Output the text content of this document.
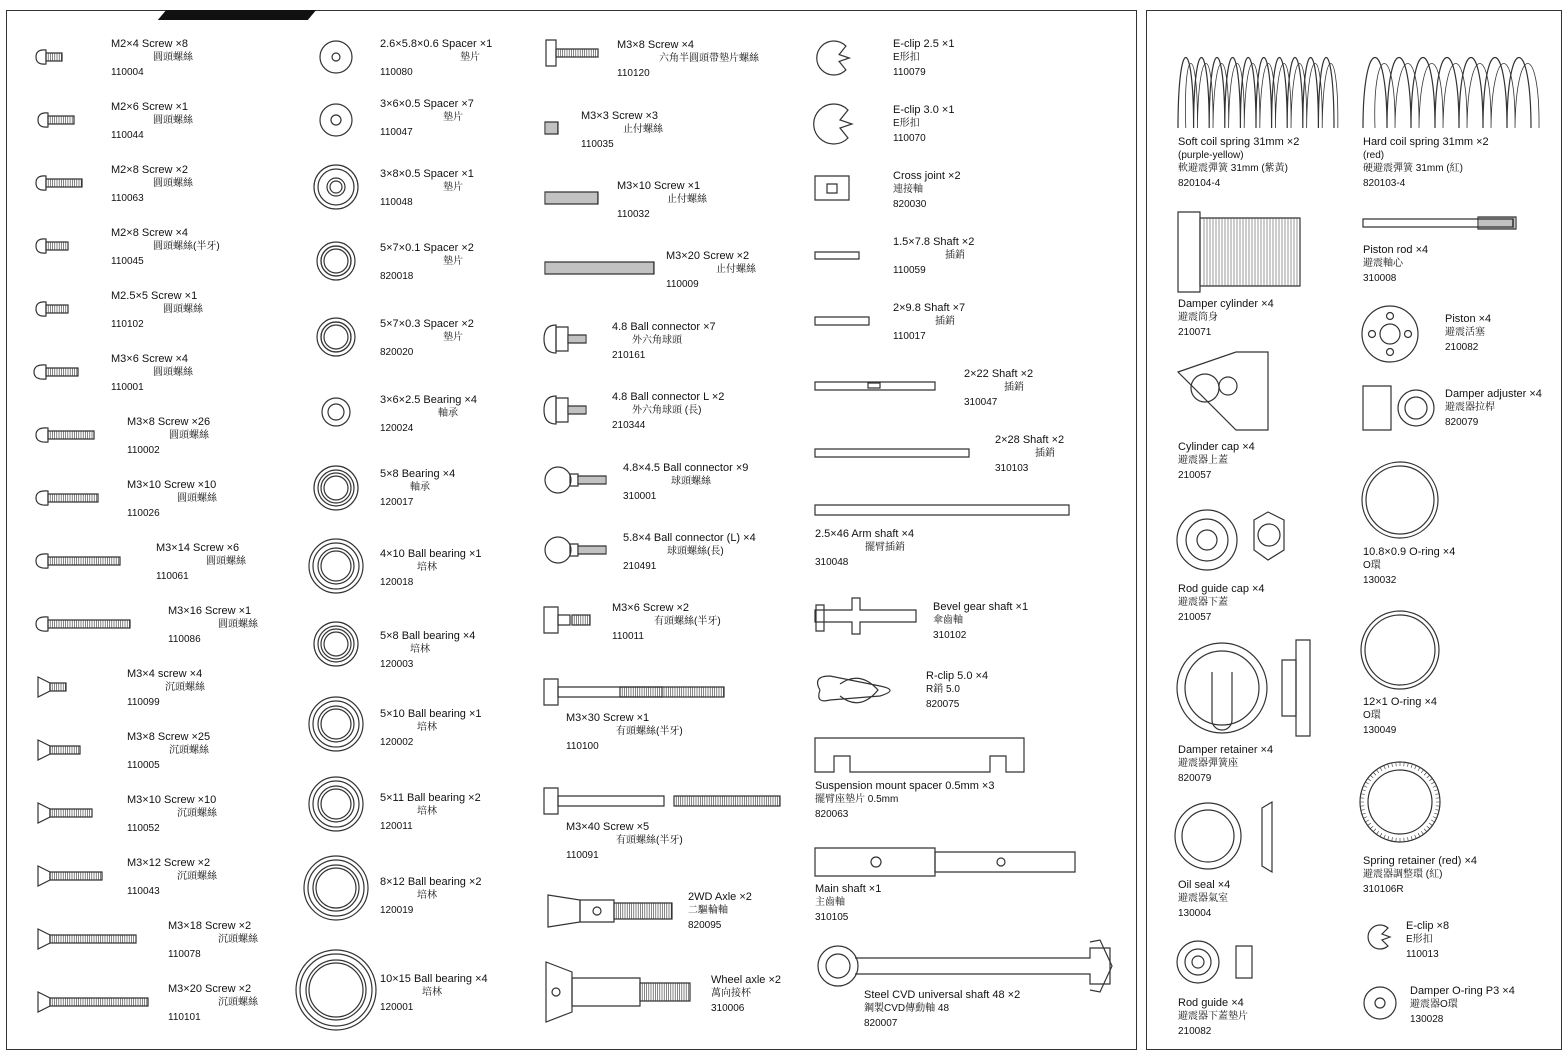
M2×4 Screw ×8
圓頭螺絲
110004
M2×6 Screw ×1
圓頭螺絲
110044
M2×8 Screw ×2
圓頭螺絲
110063
M2×8 Screw ×4
圓頭螺絲(半牙)
110045
M2.5×5 Screw ×1
圓頭螺絲
110102
M3×6 Screw ×4
圓頭螺絲
110001
M3×8 Screw ×26
圓頭螺絲
110002
M3×10 Screw ×10
圓頭螺絲
110026
M3×14 Screw ×6
圓頭螺絲
110061
M3×16 Screw ×1
圓頭螺絲
110086
M3×4 screw ×4
沉頭螺絲
110099
M3×8 Screw ×25
沉頭螺絲
110005
M3×10 Screw ×10
沉頭螺絲
110052
M3×12 Screw ×2
沉頭螺絲
110043
M3×18 Screw ×2
沉頭螺絲
110078
M3×20 Screw ×2
沉頭螺絲
110101
2.6×5.8×0.6 Spacer ×1
墊片
110080
3×6×0.5 Spacer ×7
墊片
110047
3×8×0.5 Spacer ×1
墊片
110048
5×7×0.1 Spacer ×2
墊片
820018
5×7×0.3 Spacer ×2
墊片
820020
3×6×2.5 Bearing ×4
軸承
120024
5×8 Bearing ×4
軸承
120017
4×10 Ball bearing ×1
培林
120018
5×8 Ball bearing ×4
培林
120003
5×10 Ball bearing ×1
培林
120002
5×11 Ball bearing ×2
培林
120011
8×12 Ball bearing ×2
培林
120019
10×15 Ball bearing ×4
培林
120001
M3×8 Screw ×4
六角半圓頭帶墊片螺絲
110120
M3×3 Screw ×3
止付螺絲
110035
M3×10 Screw ×1
止付螺絲
110032
M3×20 Screw ×2
止付螺絲
110009
4.8 Ball connector ×7
外六角球頭
210161
4.8 Ball connector L ×2
外六角球頭 (長)
210344
4.8×4.5 Ball connector ×9
球頭螺絲
310001
5.8×4 Ball connector (L) ×4
球頭螺絲(長)
210491
M3×6 Screw ×2
有頭螺絲(半牙)
110011
M3×30 Screw ×1
有頭螺絲(半牙)
110100
M3×40 Screw ×5
有頭螺絲(半牙)
110091
2WD Axle ×2
二驅輪軸
820095
Wheel axle ×2
萬向接杯
310006
E-clip 2.5 ×1
E形扣
110079
E-clip 3.0 ×1
E形扣
110070
Cross joint ×2
連接軸
820030
1.5×7.8 Shaft ×2
插銷
110059
2×9.8 Shaft ×7
插銷
110017
2×22 Shaft ×2
插銷
310047
2×28 Shaft ×2
插銷
310103
2.5×46 Arm shaft ×4
擺臂插銷
310048
Bevel gear shaft ×1
傘齒軸
310102
R-clip 5.0 ×4
R銷 5.0
820075
Suspension mount spacer 0.5mm ×3
擺臂座墊片 0.5mm
820063
Main shaft ×1
主齒軸
310105
Steel CVD universal shaft 48 ×2
鋼製CVD傳動軸 48
820007
Soft coil spring 31mm ×2
(purple-yellow)
軟避震彈簧 31mm (紫黃)
820104-4
Damper cylinder ×4
避震筒身
210071
Cylinder cap ×4
避震器上蓋
210057
Rod guide cap ×4
避震器下蓋
210057
Damper retainer ×4
避震器彈簧座
820079
Oil seal ×4
避震器氣室
130004
Rod guide ×4
避震器下蓋墊片
210082
Hard coil spring 31mm ×2
(red)
硬避震彈簧 31mm (紅)
820103-4
Piston rod ×4
避震軸心
310008
Piston ×4
避震活塞
210082
Damper adjuster ×4
避震器拉桿
820079
10.8×0.9 O-ring ×4
O環
130032
12×1 O-ring ×4
O環
130049
Spring retainer (red) ×4
避震器調整環 (紅)
310106R
E-clip ×8
E形扣
110013
Damper O-ring P3 ×4
避震器O環
130028
